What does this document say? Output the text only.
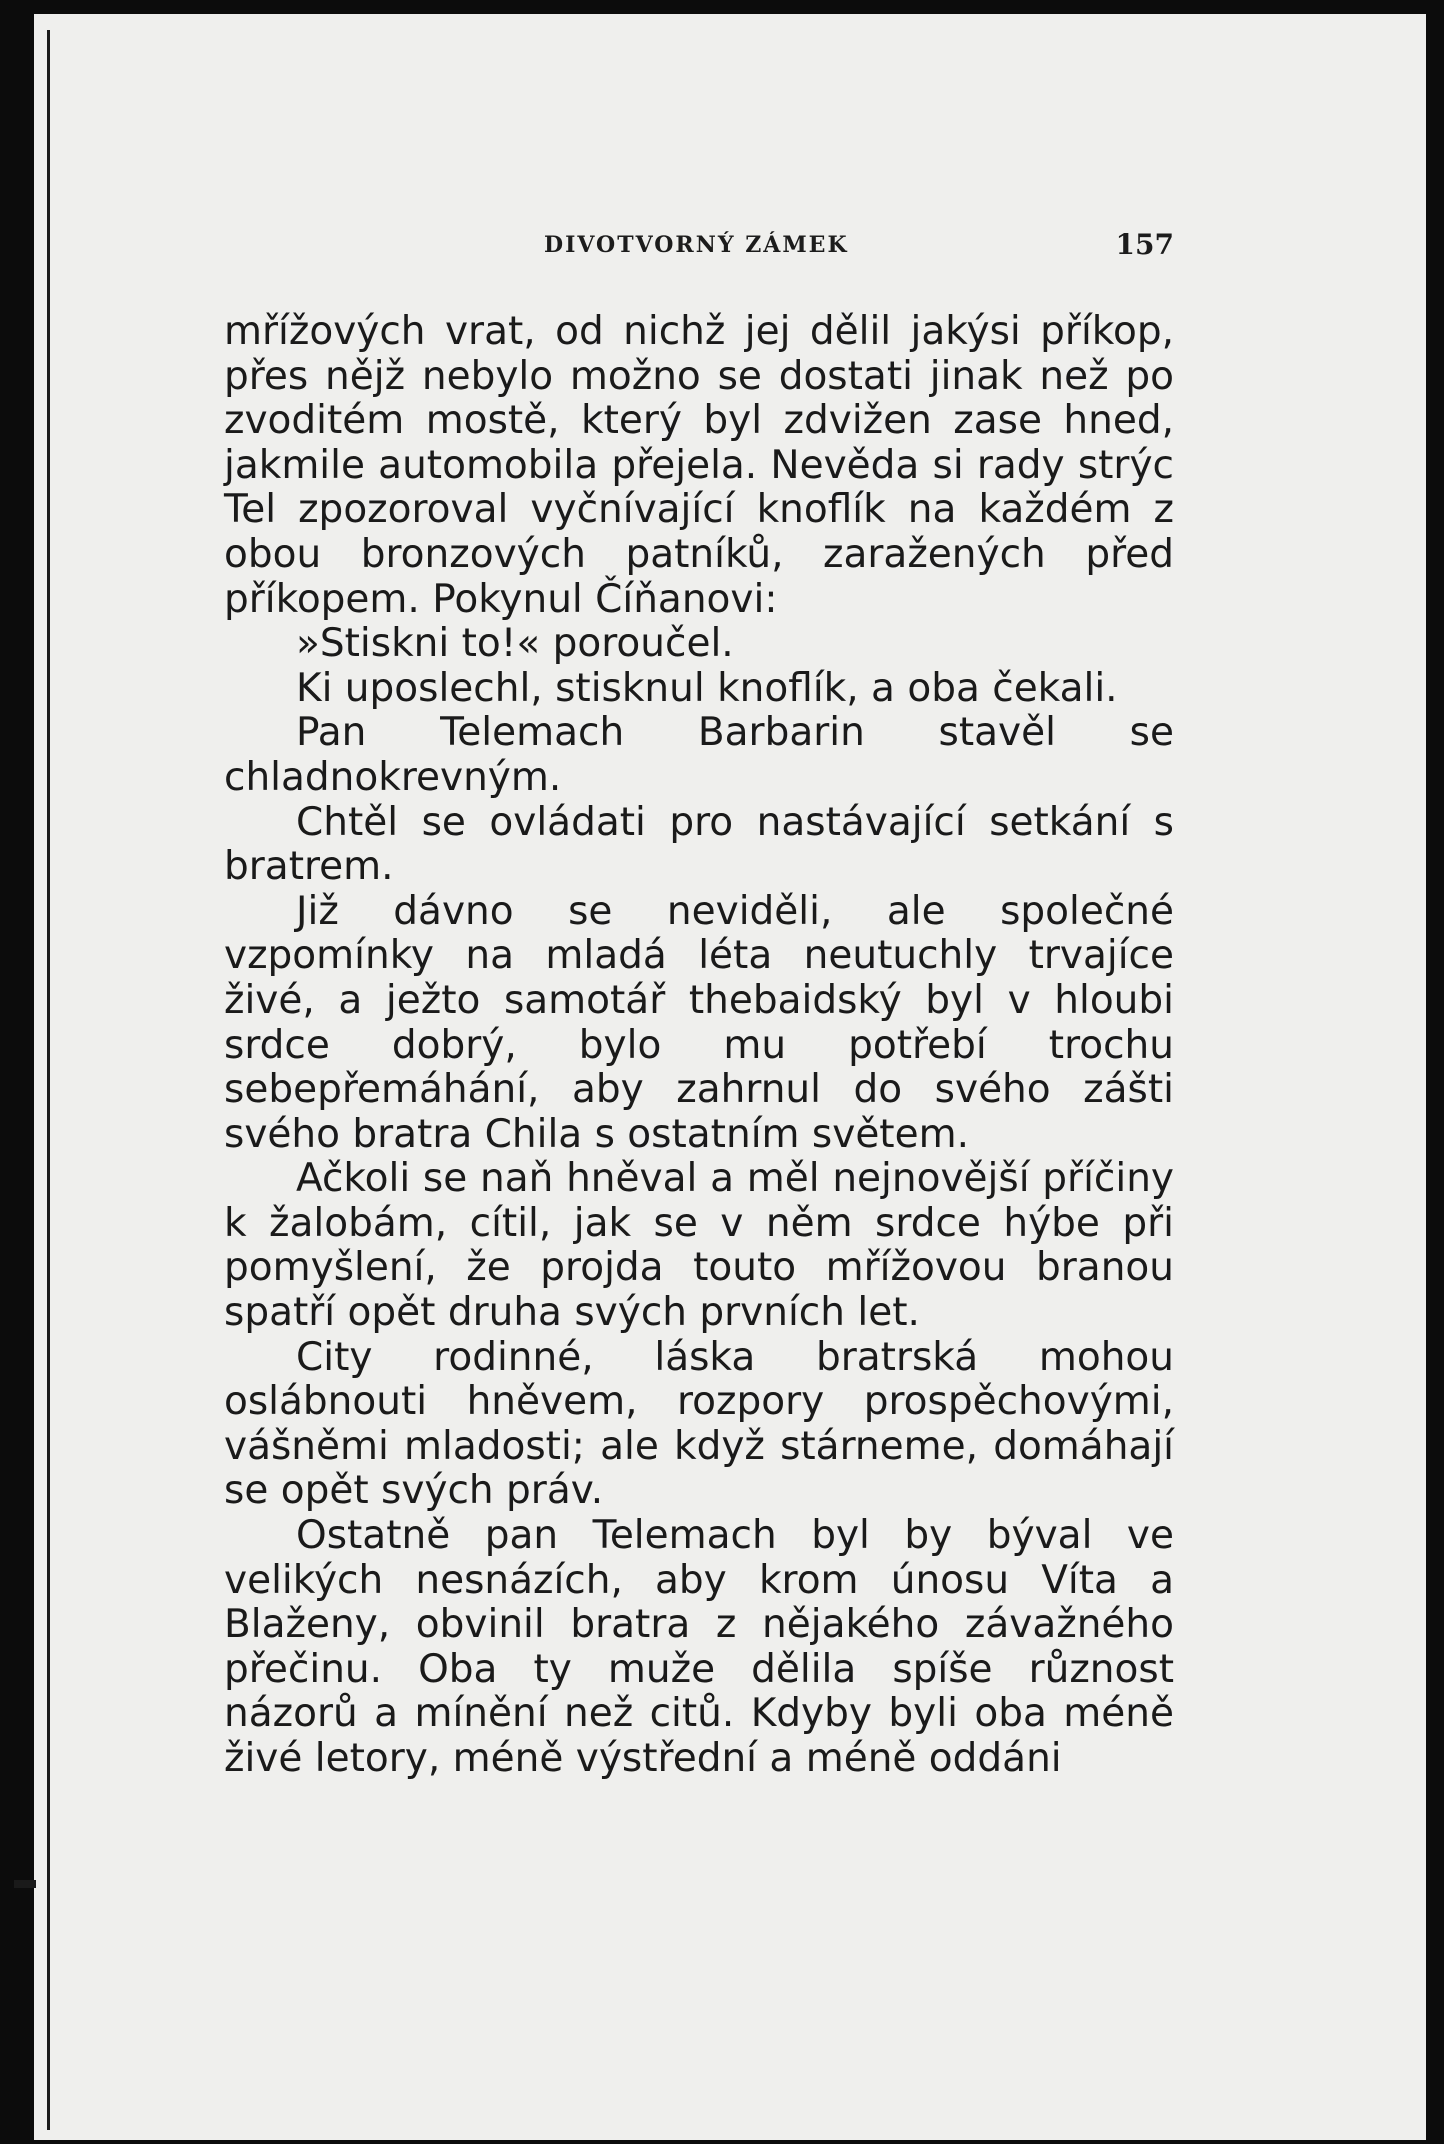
DIVOTVORNÝ ZÁMEK	157

mřížových vrat, od nichž jej dělil jakýsi příkop, přes nějž nebylo možno se dostati jinak než po zvoditém mostě, který byl zdvižen zase hned, jakmile automobila přejela. Nevěda si rady strýc Tel zpozoroval vyčnívající knoflík na každém z obou bronzových patníků, zaražených před příkopem. Pokynul Číňanovi:

»Stiskni to!« poroučel.

Ki uposlechl, stisknul knoflík, a oba čekali.

Pan Telemach Barbarin stavěl se chladnokrevným.

Chtěl se ovládati pro nastávající setkání s bratrem.

Již dávno se neviděli, ale společné vzpomínky na mladá léta neutuchly trvajíce živé, a ježto samotář thebaidský byl v hloubi srdce dobrý, bylo mu potřebí trochu sebepřemáhání, aby zahrnul do svého zášti svého bratra Chila s ostatním světem.

Ačkoli se naň hněval a měl nejnovější příčiny k žalobám, cítil, jak se v něm srdce hýbe při pomyšlení, že projda touto mřížovou branou spatří opět druha svých prvních let.

City rodinné, láska bratrská mohou oslábnouti hněvem, rozpory prospěchovými, vášněmi mladosti; ale když stárneme, domáhají se opět svých práv.

Ostatně pan Telemach byl by býval ve velikých nesnázích, aby krom únosu Víta a Blaženy, obvinil bratra z nějakého závažného přečinu. Oba ty muže dělila spíše různost názorů a mínění než citů. Kdyby byli oba méně živé letory, méně výstřední a méně oddáni
